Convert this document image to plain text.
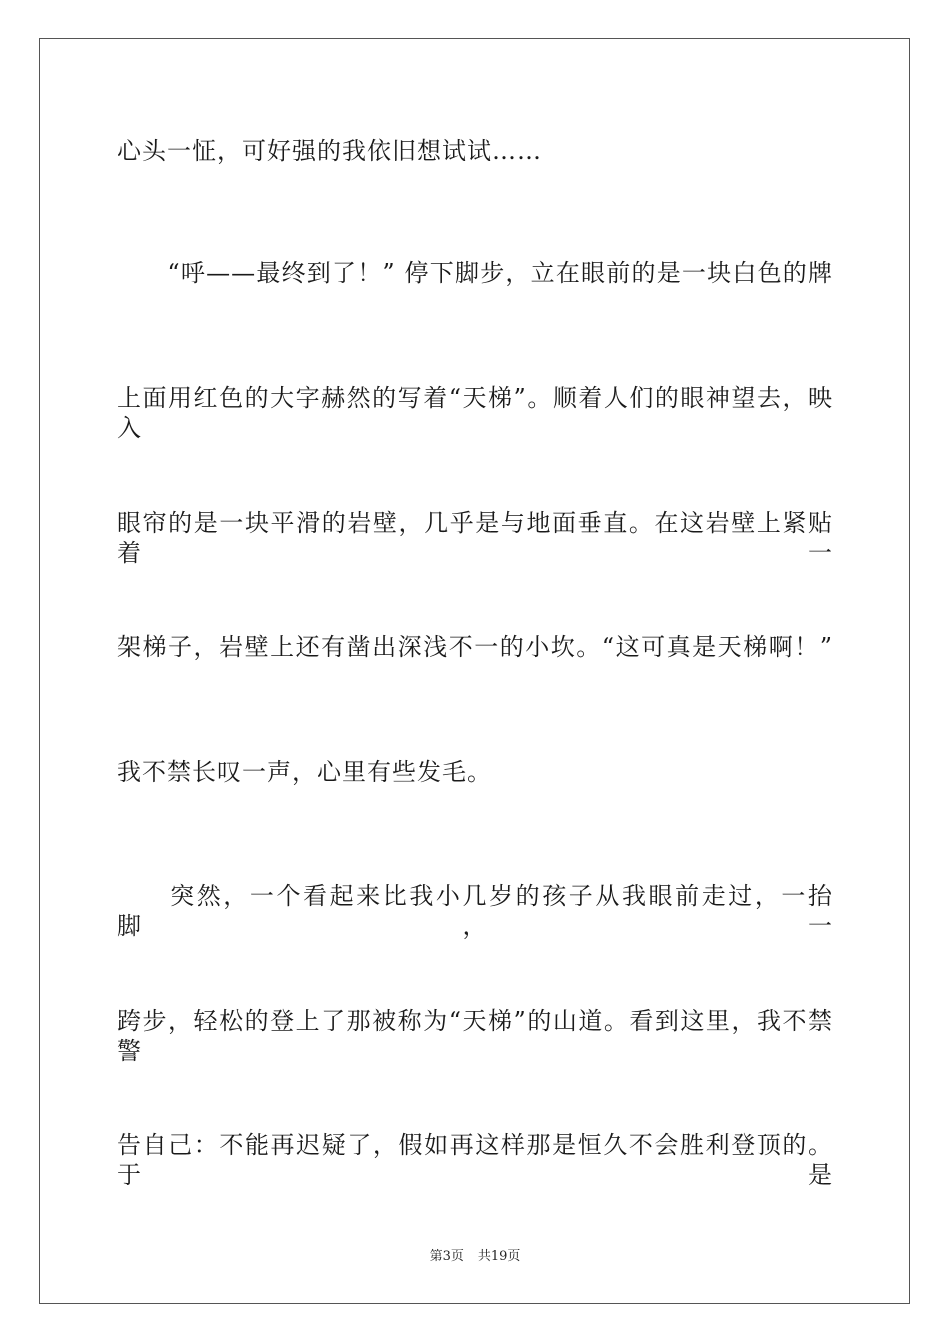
心头一怔，可好强的我依旧想试试……
　　“呼——最终到了！” 停下脚步，立在眼前的是一块白色的牌
上面用红色的大字赫然的写着“天梯”。顺着人们的眼神望去，映入
眼帘的是一块平滑的岩壁，几乎是与地面垂直。在这岩壁上紧贴着一
架梯子，岩壁上还有凿出深浅不一的小坎。“这可真是天梯啊！”
我不禁长叹一声，心里有些发毛。
　　突然，一个看起来比我小几岁的孩子从我眼前走过，一抬脚，一
跨步，轻松的登上了那被称为“天梯”的山道。看到这里，我不禁警
告自己：不能再迟疑了，假如再这样那是恒久不会胜利登顶的。于是
第3页 共19页
